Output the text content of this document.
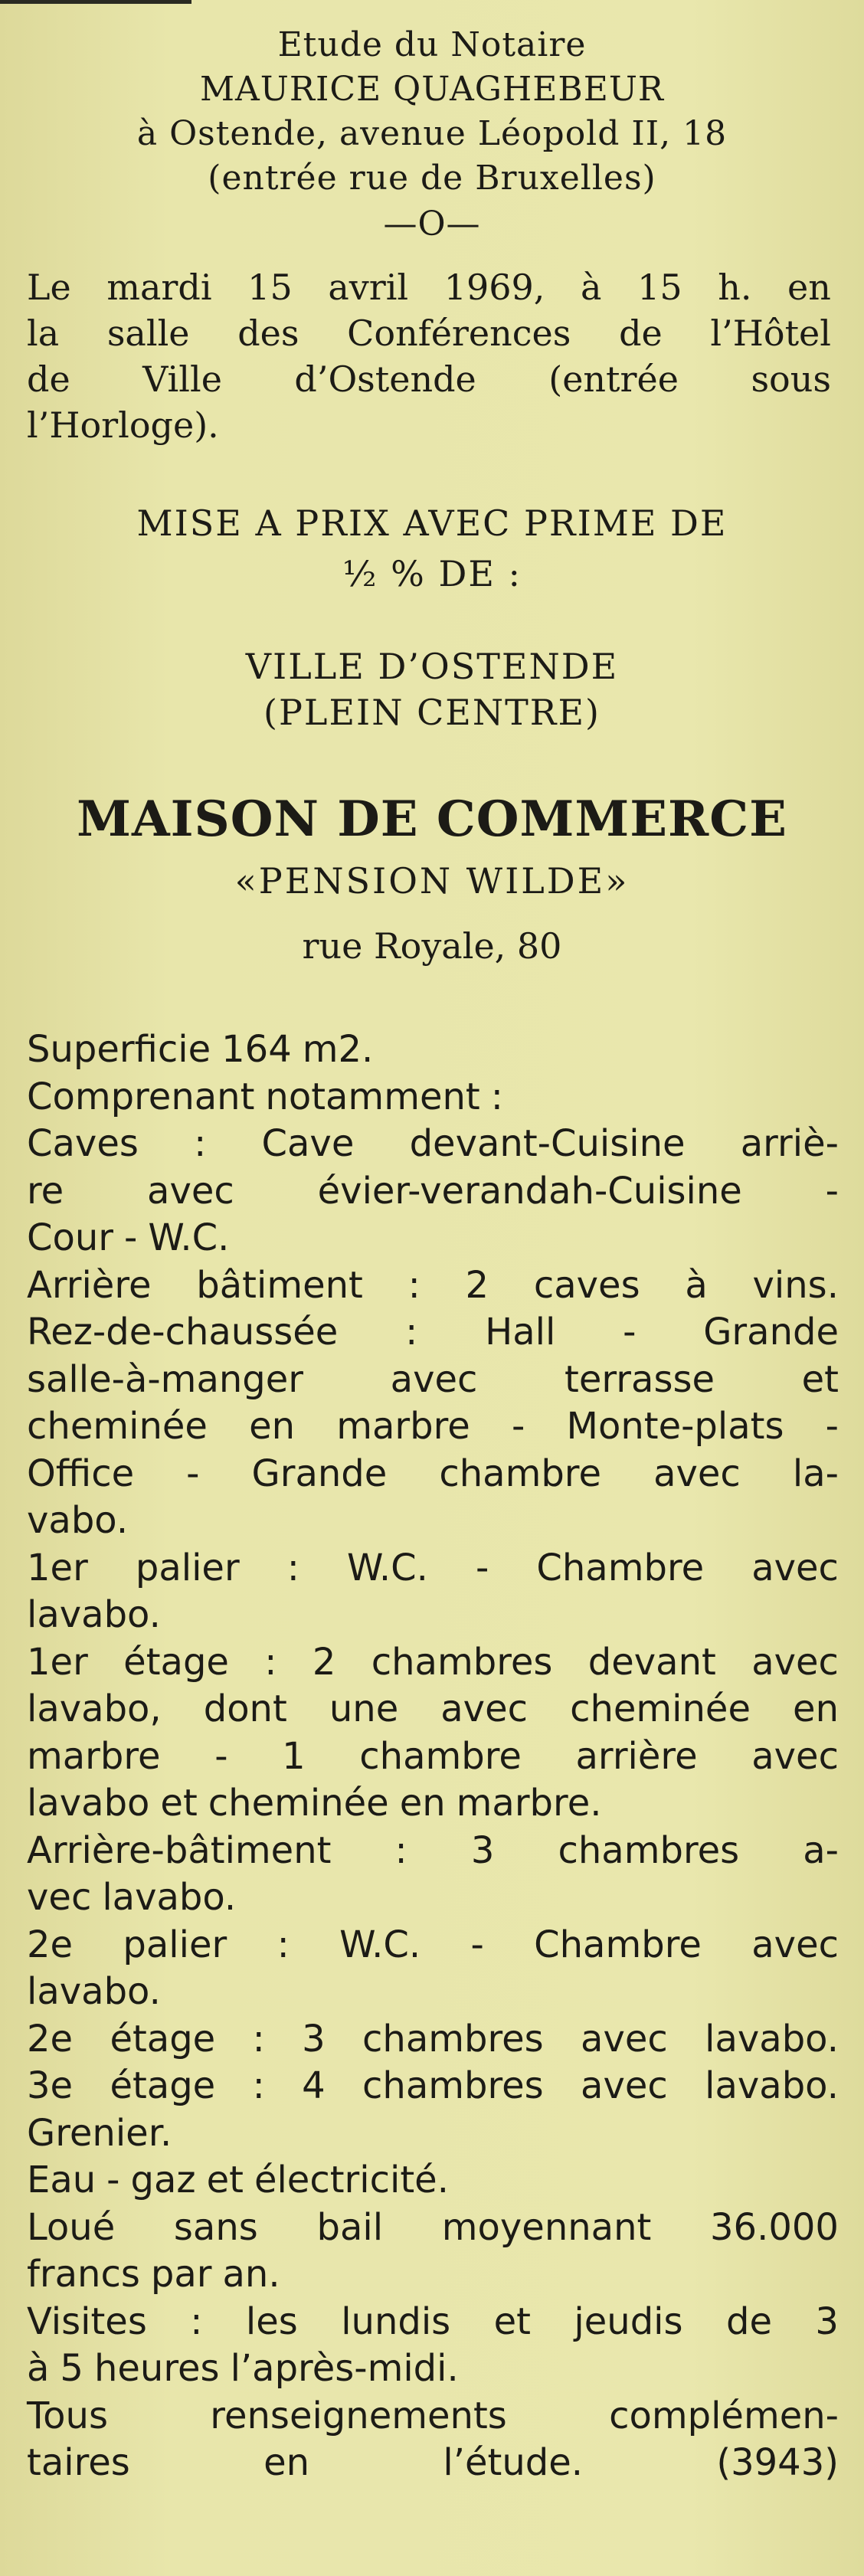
Etude du Notaire
MAURICE QUAGHEBEUR
à Ostende, avenue Léopold II, 18
(entrée rue de Bruxelles)
—O—
Le mardi 15 avril 1969, à 15 h. en
la salle des Conférences de l’Hôtel
de Ville d’Ostende (entrée sous
l’Horloge).
MISE A PRIX AVEC PRIME DE
½ % DE :
VILLE D’OSTENDE
(PLEIN CENTRE)
MAISON DE COMMERCE
«PENSION WILDE»
rue Royale, 80
Superficie 164 m2.
Comprenant notamment :
Caves : Cave devant-Cuisine arriè-
re avec évier-verandah-Cuisine -
Cour - W.C.
Arrière bâtiment : 2 caves à vins.
Rez-de-chaussée : Hall - Grande
salle-à-manger avec terrasse et
cheminée en marbre - Monte-plats -
Office - Grande chambre avec la-
vabo.
1er palier : W.C. - Chambre avec
lavabo.
1er étage : 2 chambres devant avec
lavabo, dont une avec cheminée en
marbre - 1 chambre arrière avec
lavabo et cheminée en marbre.
Arrière-bâtiment : 3 chambres a-
vec lavabo.
2e palier : W.C. - Chambre avec
lavabo.
2e étage : 3 chambres avec lavabo.
3e étage : 4 chambres avec lavabo.
Grenier.
Eau - gaz et électricité.
Loué sans bail moyennant 36.000
francs par an.
Visites : les lundis et jeudis de 3
à 5 heures l’après-midi.
Tous	renseignements	complémen-
taires	en	l’étude.	(3943)
